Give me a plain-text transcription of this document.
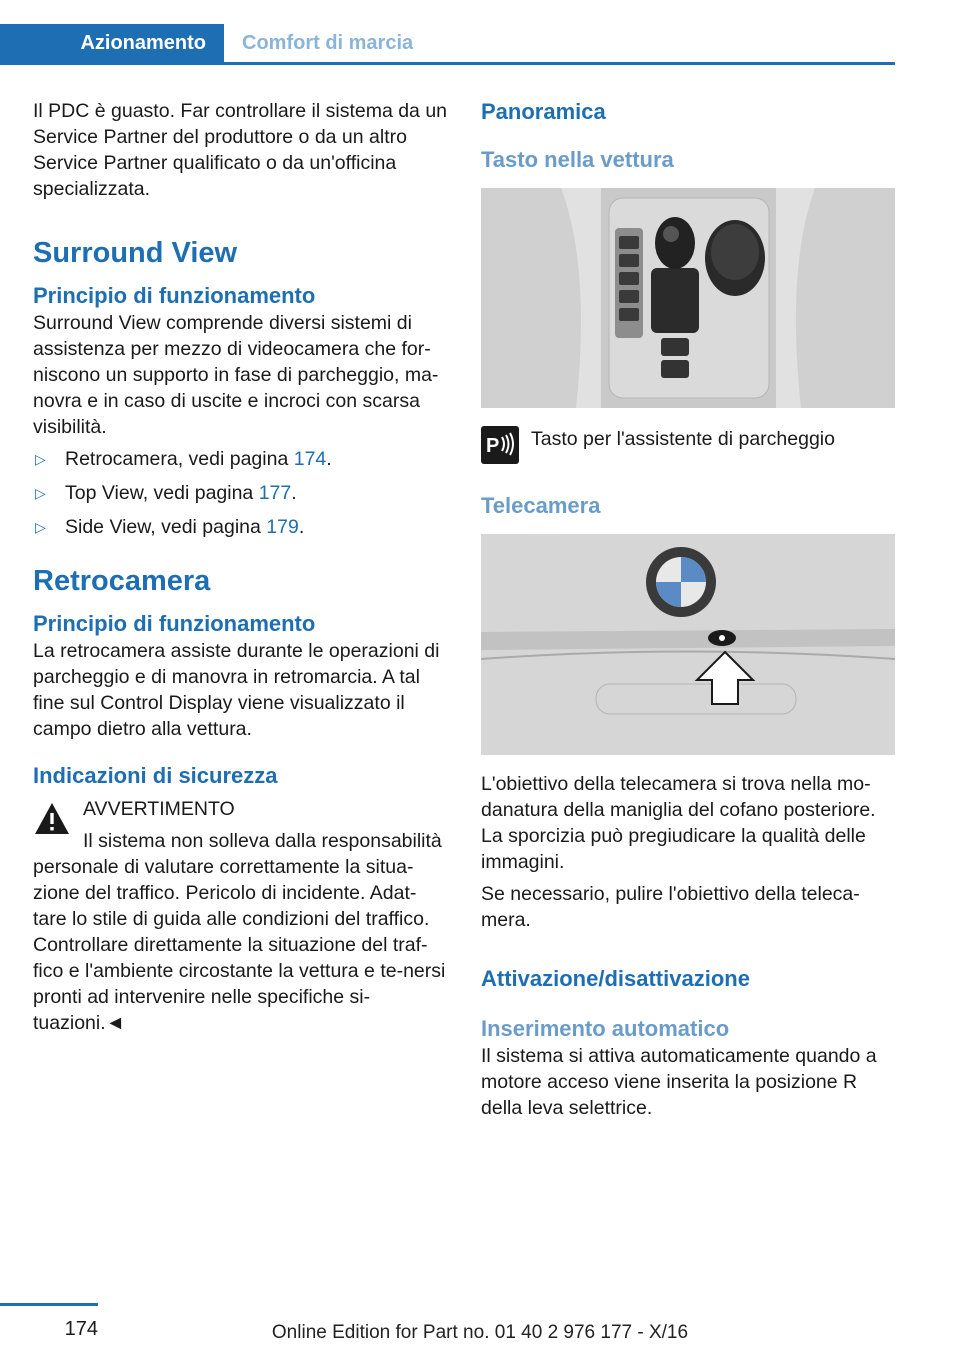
Azionamento	Comfort di marcia

Il PDC è guasto. Far controllare il sistema da un Service Partner del produttore o da un altro Service Partner qualificato o da un'officina specializzata.

Surround View
Principio di funzionamento

Surround View comprende diversi sistemi di assistenza per mezzo di videocamera che for-niscono un supporto in fase di parcheggio, ma-novra e in caso di uscite e incroci con scarsa visibilità.

▷ Retrocamera, vedi pagina 174.
▷ Top View, vedi pagina 177.
▷ Side View, vedi pagina 179.
Retrocamera
Principio di funzionamento

La retrocamera assiste durante le operazioni di parcheggio e di manovra in retromarcia. A tal fine sul Control Display viene visualizzato il campo dietro alla vettura.

Indicazioni di sicurezza

AVVERTIMENTO

Il sistema non solleva dalla responsabilità

personale di valutare correttamente la situa-zione del traffico. Pericolo di incidente. Adat-tare lo stile di guida alle condizioni del traffico. Controllare direttamente la situazione del traf-fico e l'ambiente circostante la vettura e te-nersi pronti ad intervenire nelle specifiche si-tuazioni.◄

Panoramica
Tasto nella vettura
P Tasto per l'assistente di parcheggio

Telecamera

L'obiettivo della telecamera si trova nella mo-danatura della maniglia del cofano posteriore. La sporcizia può pregiudicare la qualità delle immagini.

Se necessario, pulire l'obiettivo della teleca-mera.

Attivazione/disattivazione
Inserimento automatico

Il sistema si attiva automaticamente quando a motore acceso viene inserita la posizione R della leva selettrice.

174	Online Edition for Part no. 01 40 2 976 177 - X/16
